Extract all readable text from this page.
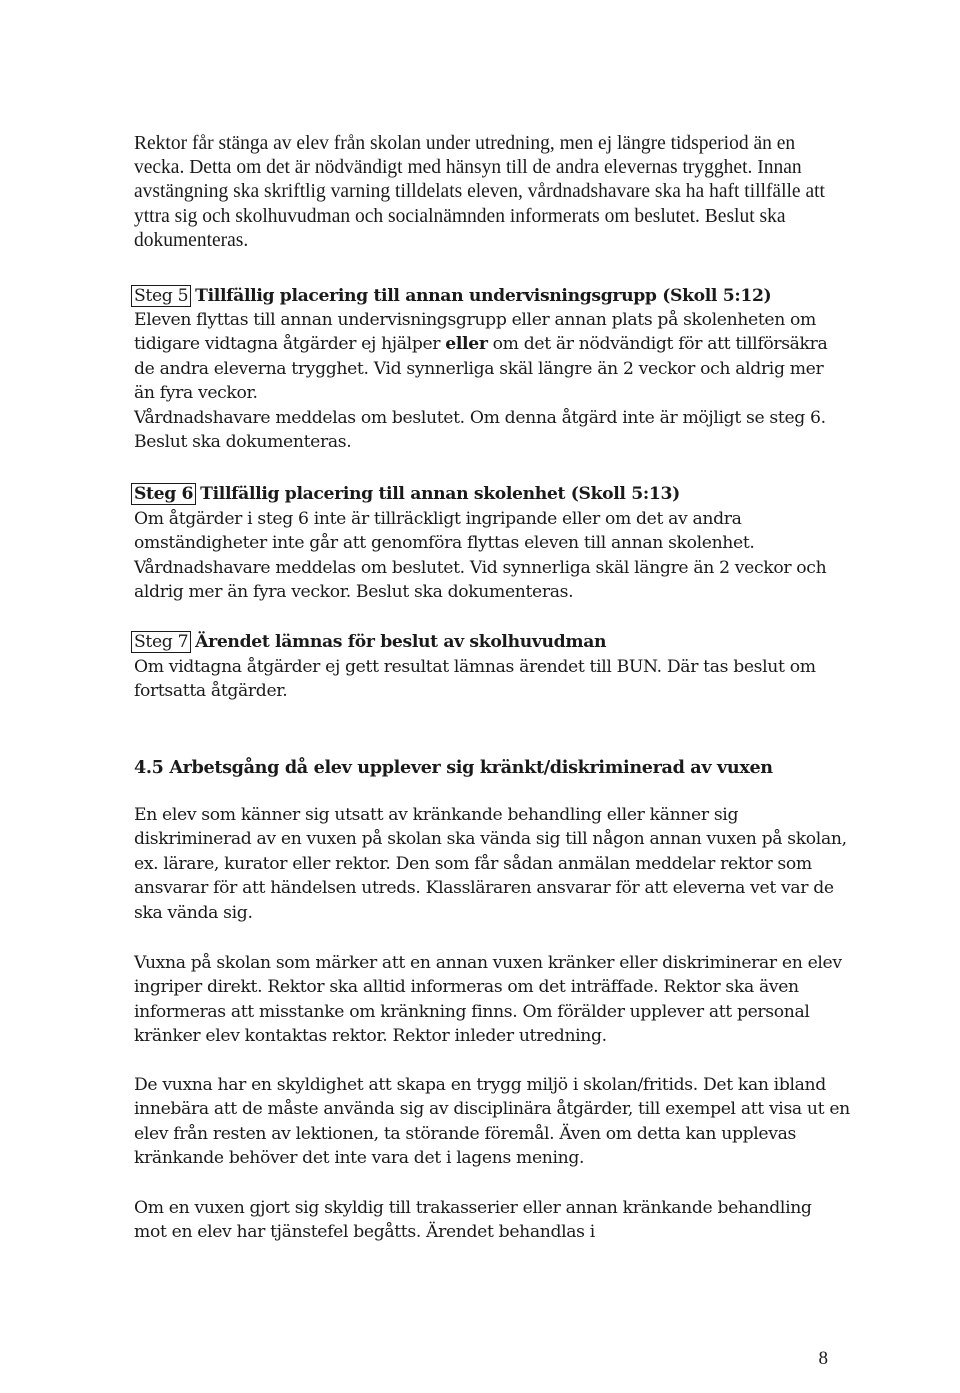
Rektor får stänga av elev från skolan under utredning, men ej längre tidsperiod än en vecka. Detta om det är nödvändigt med hänsyn till de andra elevernas trygghet. Innan avstängning ska skriftlig varning tilldelats eleven, vårdnadshavare ska ha haft tillfälle att yttra sig och skolhuvudman och socialnämnden informerats om beslutet. Beslut ska dokumenteras.

Steg 5 Tillfällig placering till annan undervisningsgrupp (Skoll 5:12)

Eleven flyttas till annan undervisningsgrupp eller annan plats på skolenheten om tidigare vidtagna åtgärder ej hjälper eller om det är nödvändigt för att tillförsäkra de andra eleverna trygghet. Vid synnerliga skäl längre än 2 veckor och aldrig mer än fyra veckor.
Vårdnadshavare meddelas om beslutet. Om denna åtgärd inte är möjligt se steg 6. Beslut ska dokumenteras.

Steg 6 Tillfällig placering till annan skolenhet (Skoll 5:13)

Om åtgärder i steg 6 inte är tillräckligt ingripande eller om det av andra omständigheter inte går att genomföra flyttas eleven till annan skolenhet. Vårdnadshavare meddelas om beslutet. Vid synnerliga skäl längre än 2 veckor och aldrig mer än fyra veckor. Beslut ska dokumenteras.

Steg 7 Ärendet lämnas för beslut av skolhuvudman

Om vidtagna åtgärder ej gett resultat lämnas ärendet till BUN. Där tas beslut om fortsatta åtgärder.

4.5 Arbetsgång då elev upplever sig kränkt/diskriminerad av vuxen

En elev som känner sig utsatt av kränkande behandling eller känner sig diskriminerad av en vuxen på skolan ska vända sig till någon annan vuxen på skolan, ex. lärare, kurator eller rektor. Den som får sådan anmälan meddelar rektor som ansvarar för att händelsen utreds. Klassläraren ansvarar för att eleverna vet var de ska vända sig.

Vuxna på skolan som märker att en annan vuxen kränker eller diskriminerar en elev ingriper direkt. Rektor ska alltid informeras om det inträffade. Rektor ska även informeras att misstanke om kränkning finns. Om förälder upplever att personal kränker elev kontaktas rektor. Rektor inleder utredning.

De vuxna har en skyldighet att skapa en trygg miljö i skolan/fritids. Det kan ibland innebära att de måste använda sig av disciplinära åtgärder, till exempel att visa ut en elev från resten av lektionen, ta störande föremål. Även om detta kan upplevas kränkande behöver det inte vara det i lagens mening.

Om en vuxen gjort sig skyldig till trakasserier eller annan kränkande behandling mot en elev har tjänstefel begåtts. Ärendet behandlas i

8
